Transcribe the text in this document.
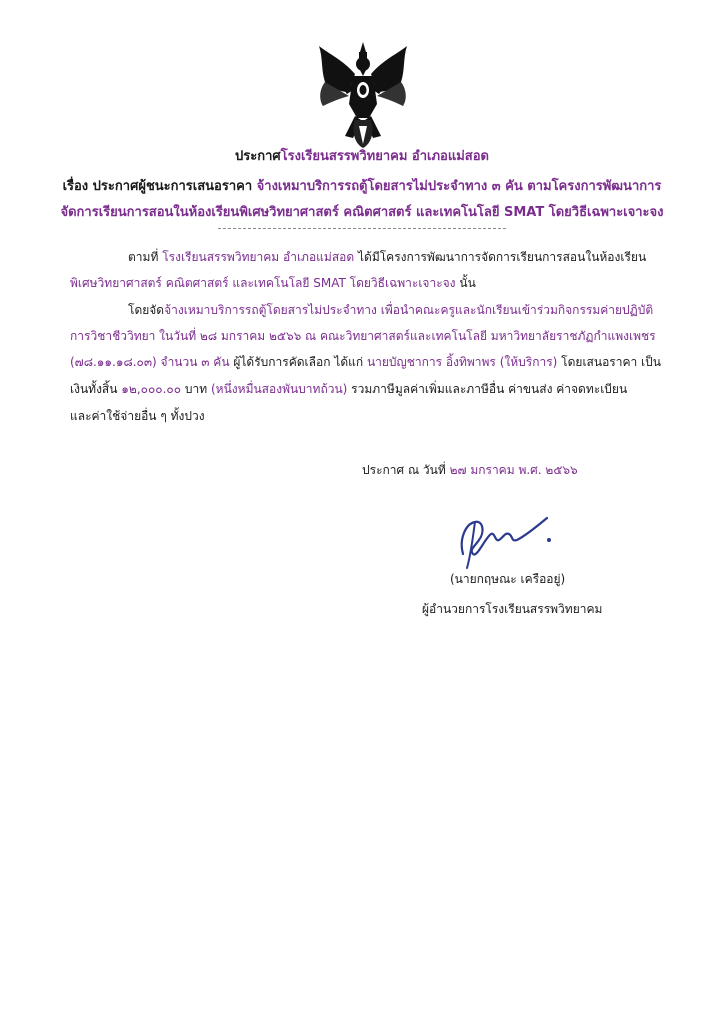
ประกาศโรงเรียนสรรพวิทยาคม อำเภอแม่สอด
เรื่อง ประกาศผู้ชนะการเสนอราคา จ้างเหมาบริการรถตู้โดยสารไม่ประจำทาง ๓ คัน ตามโครงการพัฒนาการ
จัดการเรียนการสอนในห้องเรียนพิเศษวิทยาศาสตร์ คณิตศาสตร์ และเทคโนโลยี SMAT โดยวิธีเฉพาะเจาะจง
ตามที่ โรงเรียนสรรพวิทยาคม อำเภอแม่สอด ได้มีโครงการพัฒนาการจัดการเรียนการสอนในห้องเรียน
พิเศษวิทยาศาสตร์ คณิตศาสตร์ และเทคโนโลยี SMAT โดยวิธีเฉพาะเจาะจง นั้น
โดยจัดจ้างเหมาบริการรถตู้โดยสารไม่ประจำทาง เพื่อนำคณะครูและนักเรียนเข้าร่วมกิจกรรมค่ายปฏิบัติ
การวิชาชีววิทยา ในวันที่ ๒๘ มกราคม ๒๕๖๖ ณ คณะวิทยาศาสตร์และเทคโนโลยี มหาวิทยาลัยราชภัฏกำแพงเพชร
(๗๘.๑๑.๑๘.๐๓) จำนวน ๓ คัน ผู้ได้รับการคัดเลือก ได้แก่ นายบัญชาการ อิ้งทิพาพร (ให้บริการ) โดยเสนอราคา เป็น
เงินทั้งสิ้น ๑๒,๐๐๐.๐๐ บาท (หนึ่งหมื่นสองพันบาทถ้วน) รวมภาษีมูลค่าเพิ่มและภาษีอื่น ค่าขนส่ง ค่าจดทะเบียน
และค่าใช้จ่ายอื่น ๆ ทั้งปวง
ประกาศ ณ วันที่ ๒๗ มกราคม พ.ศ. ๒๕๖๖
(นายกฤษณะ เครืออยู่)
ผู้อำนวยการโรงเรียนสรรพวิทยาคม
